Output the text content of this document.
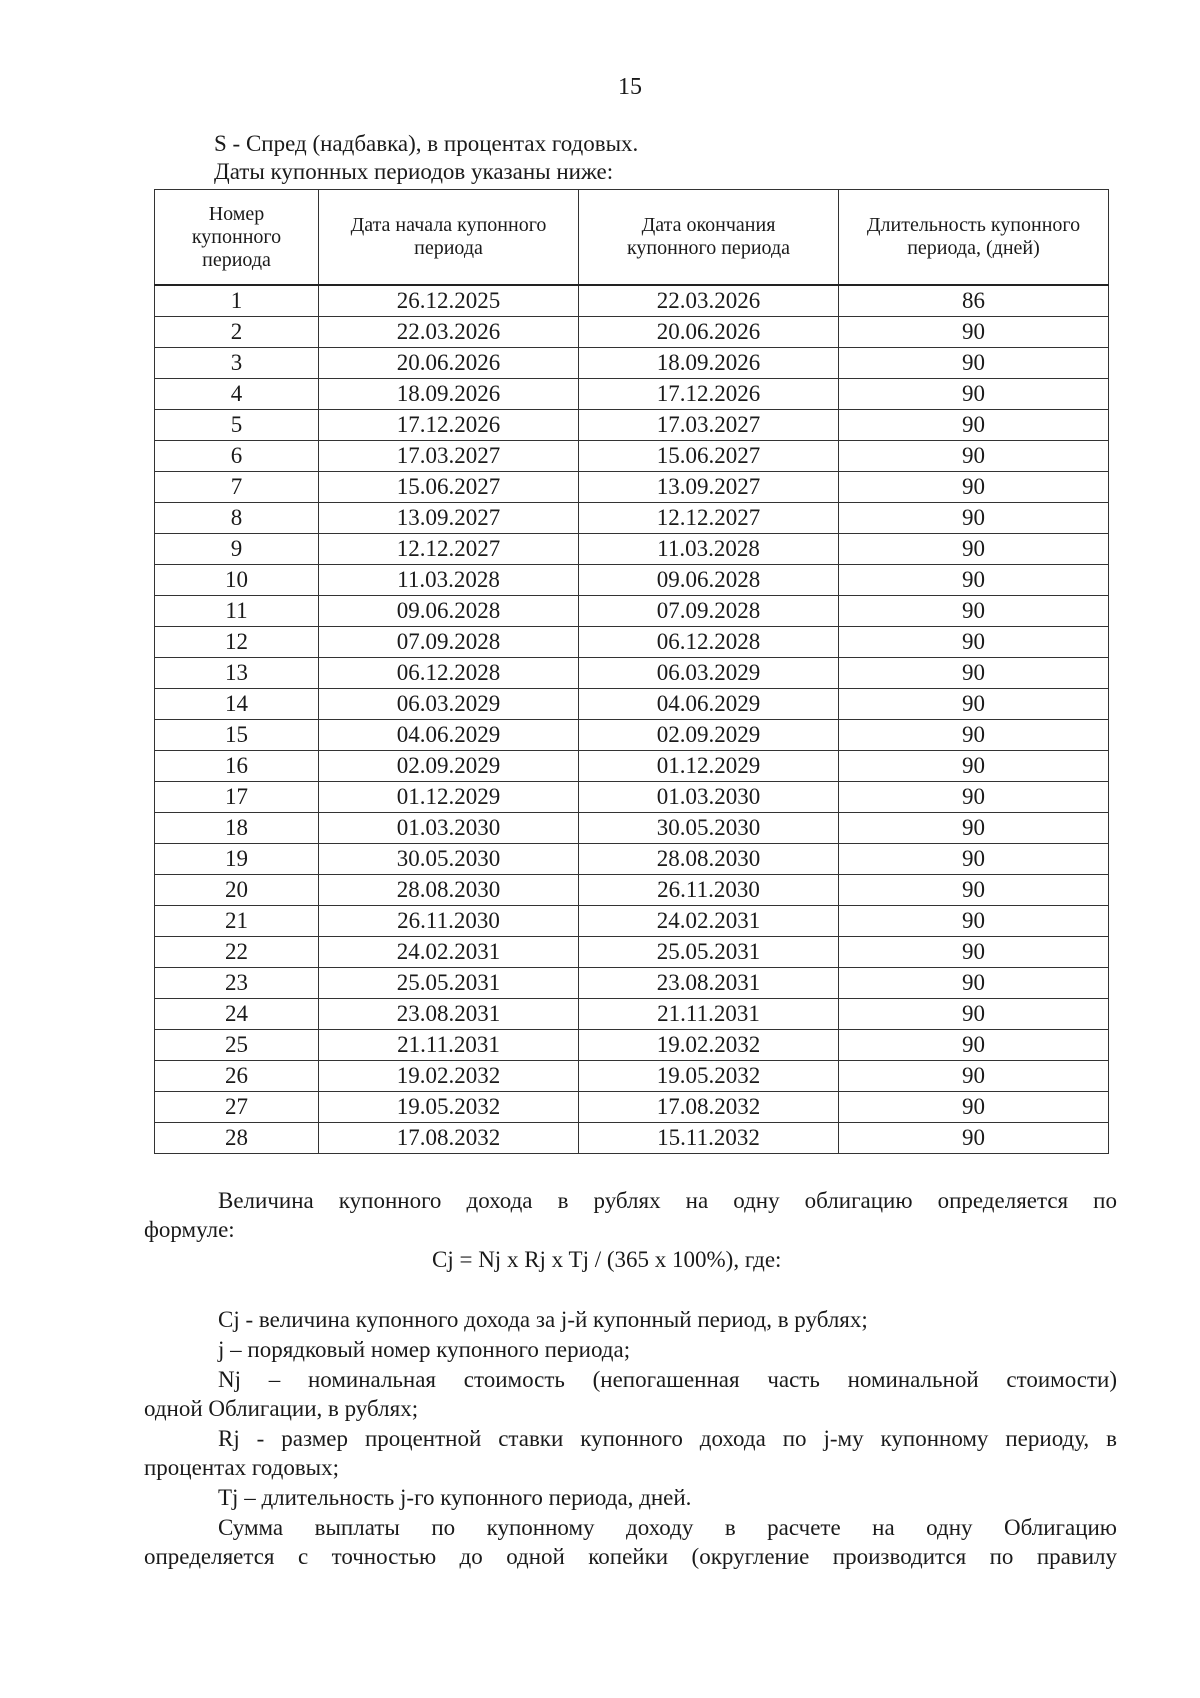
15
S - Спред (надбавка), в процентах годовых.
Даты купонных периодов указаны ниже:
Номер купонного периода	Дата начала купонного периода	Дата окончания купонного периода	Длительность купонного периода, (дней)

1	26.12.2025	22.03.2026	86
2	22.03.2026	20.06.2026	90
3	20.06.2026	18.09.2026	90
4	18.09.2026	17.12.2026	90
5	17.12.2026	17.03.2027	90
6	17.03.2027	15.06.2027	90
7	15.06.2027	13.09.2027	90
8	13.09.2027	12.12.2027	90
9	12.12.2027	11.03.2028	90
10	11.03.2028	09.06.2028	90
11	09.06.2028	07.09.2028	90
12	07.09.2028	06.12.2028	90
13	06.12.2028	06.03.2029	90
14	06.03.2029	04.06.2029	90
15	04.06.2029	02.09.2029	90
16	02.09.2029	01.12.2029	90
17	01.12.2029	01.03.2030	90
18	01.03.2030	30.05.2030	90
19	30.05.2030	28.08.2030	90
20	28.08.2030	26.11.2030	90
21	26.11.2030	24.02.2031	90
22	24.02.2031	25.05.2031	90
23	25.05.2031	23.08.2031	90
24	23.08.2031	21.11.2031	90
25	21.11.2031	19.02.2032	90
26	19.02.2032	19.05.2032	90
27	19.05.2032	17.08.2032	90
28	17.08.2032	15.11.2032	90
Величина купонного дохода в рублях на одну облигацию определяется по
формуле:
Cj = Nj x Rj x Tj / (365 x 100%), где:
Cj - величина купонного дохода за j-й купонный период, в рублях;
j – порядковый номер купонного периода;
Nj – номинальная стоимость (непогашенная часть номинальной стоимости)
одной Облигации, в рублях;
Rj - размер процентной ставки купонного дохода по j-му купонному периоду, в
процентах годовых;
Tj – длительность j-го купонного периода, дней.
Сумма выплаты по купонному доходу в расчете на одну Облигацию
определяется с точностью до одной копейки (округление производится по правилу
